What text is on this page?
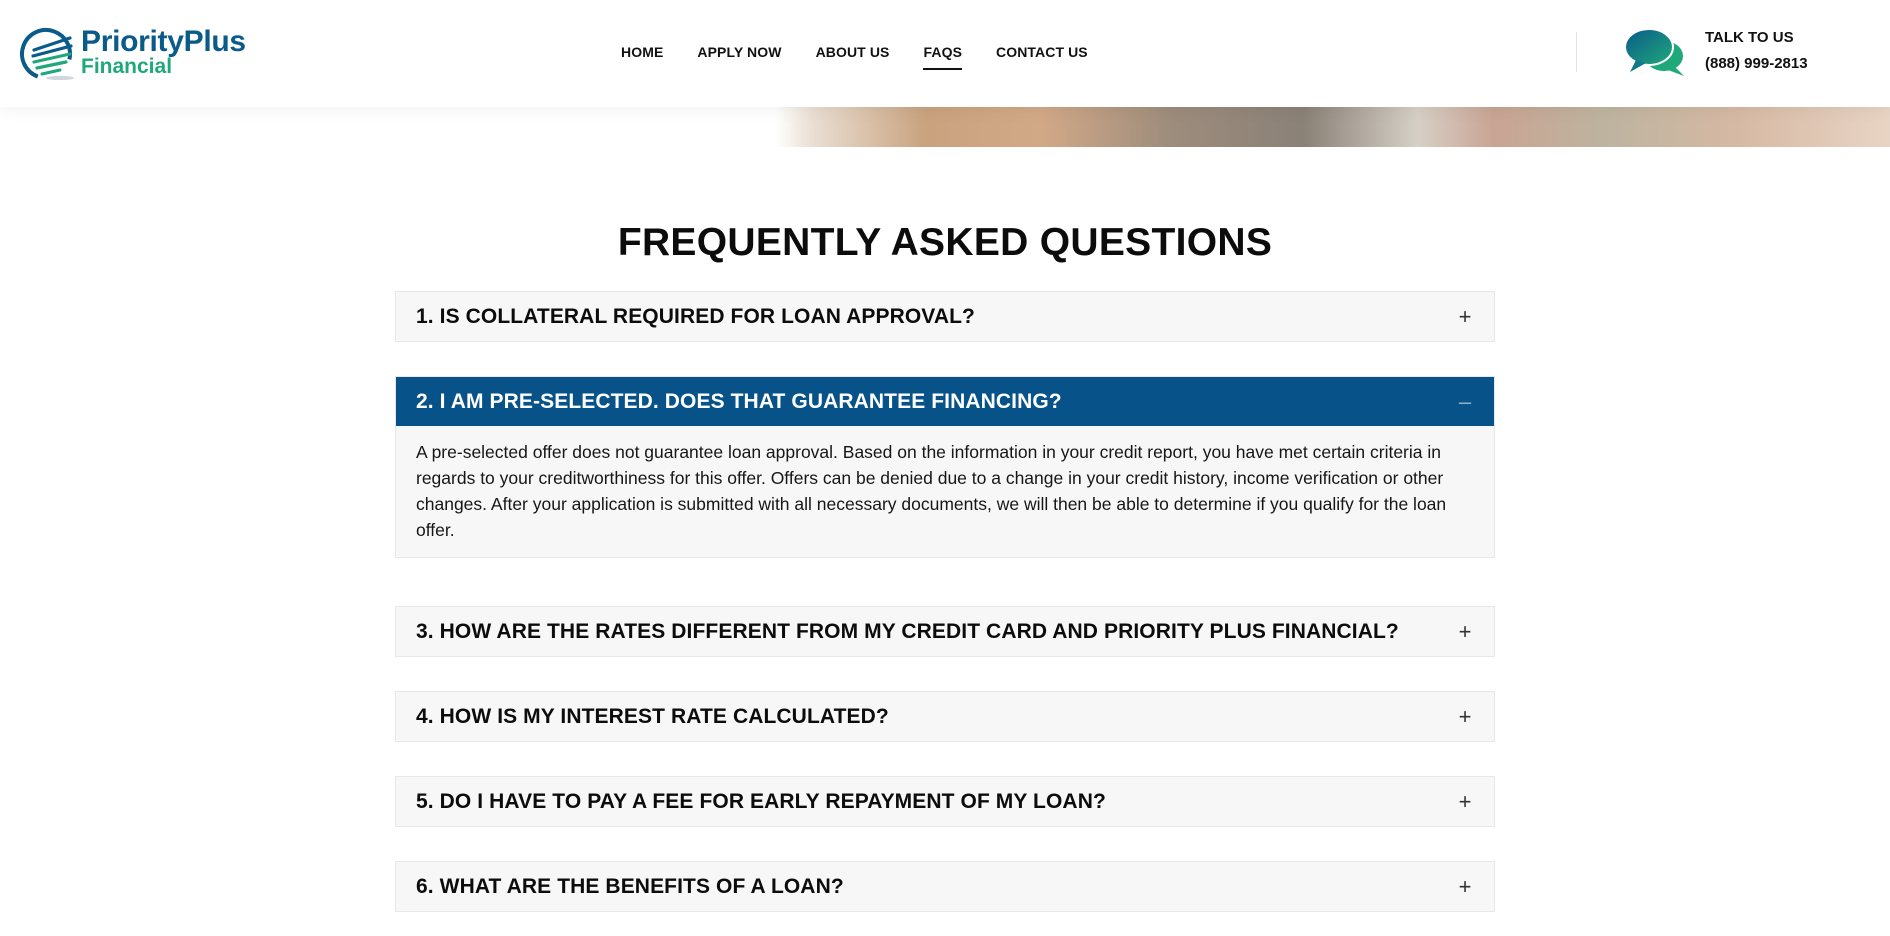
PriorityPlus
Financial
HOME APPLY NOW ABOUT US FAQS CONTACT US
TALK TO US
(888) 999-2813
FREQUENTLY ASKED QUESTIONS
1. IS COLLATERAL REQUIRED FOR LOAN APPROVAL?	+
2. I AM PRE-SELECTED. DOES THAT GUARANTEE FINANCING?	–
A pre-selected offer does not guarantee loan approval. Based on the information in your credit report, you have met certain criteria in regards to your creditworthiness for this offer. Offers can be denied due to a change in your credit history, income verification or other changes. After your application is submitted with all necessary documents, we will then be able to determine if you qualify for the loan offer.
3. HOW ARE THE RATES DIFFERENT FROM MY CREDIT CARD AND PRIORITY PLUS FINANCIAL?	+
4. HOW IS MY INTEREST RATE CALCULATED?	+
5. DO I HAVE TO PAY A FEE FOR EARLY REPAYMENT OF MY LOAN?	+
6. WHAT ARE THE BENEFITS OF A LOAN?	+
